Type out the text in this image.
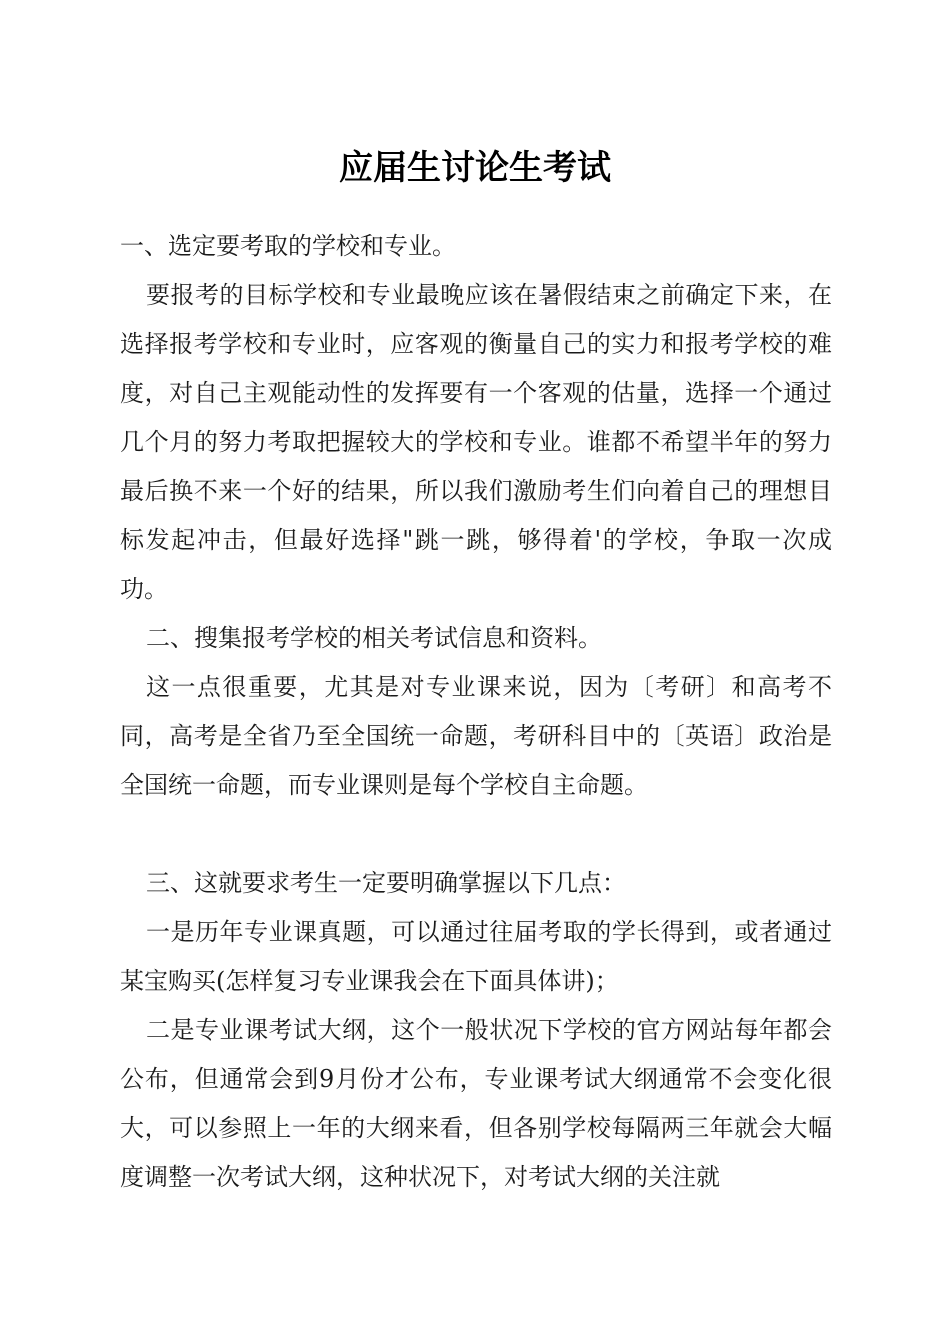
应届生讨论生考试

一、选定要考取的学校和专业。

要报考的目标学校和专业最晚应该在暑假结束之前确定下来，在选择报考学校和专业时，应客观的衡量自己的实力和报考学校的难度，对自己主观能动性的发挥要有一个客观的估量，选择一个通过几个月的努力考取把握较大的学校和专业。谁都不希望半年的努力最后换不来一个好的结果，所以我们激励考生们向着自己的理想目标发起冲击，但最好选择"跳一跳，够得着'的学校，争取一次成功。

二、搜集报考学校的相关考试信息和资料。

这一点很重要，尤其是对专业课来说，因为〔考研〕和高考不同，高考是全省乃至全国统一命题，考研科目中的〔英语〕政治是全国统一命题，而专业课则是每个学校自主命题。

三、这就要求考生一定要明确掌握以下几点：

一是历年专业课真题，可以通过往届考取的学长得到，或者通过某宝购买(怎样复习专业课我会在下面具体讲)；

二是专业课考试大纲，这个一般状况下学校的官方网站每年都会公布，但通常会到9月份才公布，专业课考试大纲通常不会变化很大，可以参照上一年的大纲来看，但各别学校每隔两三年就会大幅度调整一次考试大纲，这种状况下，对考试大纲的关注就
